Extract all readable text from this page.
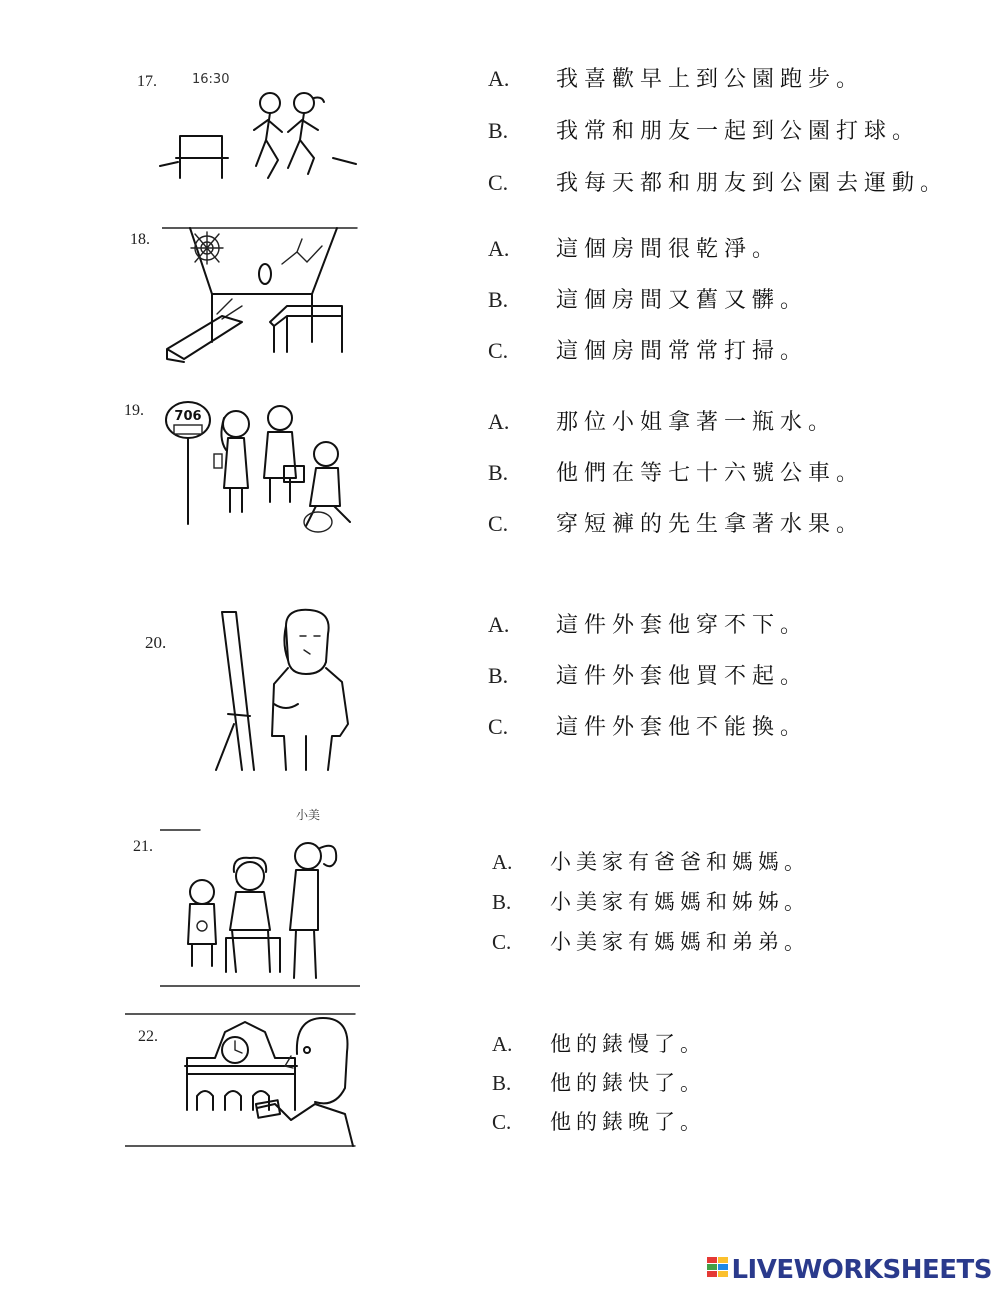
17.	16:30	A.	我喜歡早上到公園跑步。
B.	我常和朋友一起到公園打球。
C.	我每天都和朋友到公園去運動。
18.	A.	這個房間很乾淨。
B.	這個房間又舊又髒。
C.	這個房間常常打掃。
19. 706	A.	那位小姐拿著一瓶水。
B.	他們在等七十六號公車。
C.	穿短褲的先生拿著水果。
20.
A.	這件外套他穿不下。
B.	這件外套他買不起。
C.	這件外套他不能換。
小美
21.
A.	小美家有爸爸和媽媽。
B.	小美家有媽媽和姊姊。
C.	小美家有媽媽和弟弟。
22.	A.	他的錶慢了。
B.	他的錶快了。
C.	他的錶晚了。
LIVEWORKSHEETS
